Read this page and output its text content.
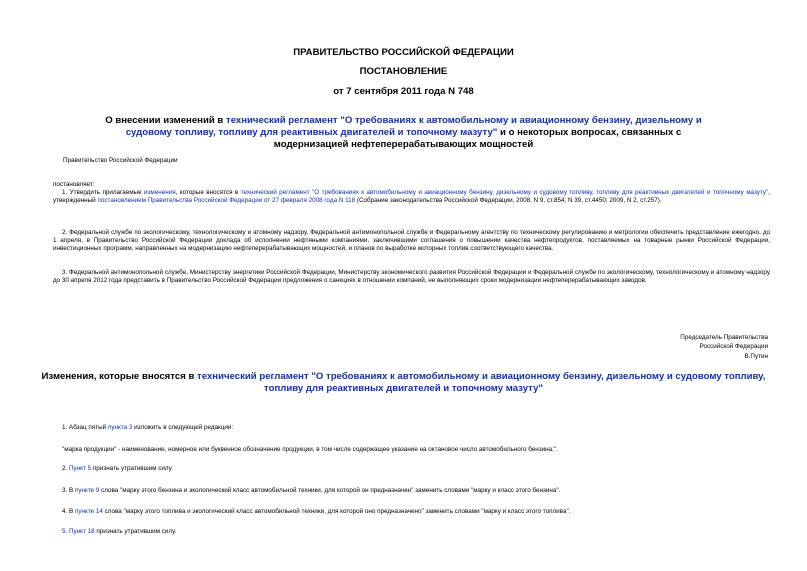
ПРАВИТЕЛЬСТВО РОССИЙСКОЙ ФЕДЕРАЦИИ
ПОСТАНОВЛЕНИЕ
от 7 сентября 2011 года N 748
О внесении изменений в технический регламент "О требованиях к автомобильному и авиационному бензину, дизельному и судовому топливу, топливу для реактивных двигателей и топочному мазуту" и о некоторых вопросах, связанных с модернизацией нефтеперерабатывающих мощностей
Правительство Российской Федерации
постановляет:
1. Утвердить прилагаемые изменения, которые вносятся в технический регламент "О требованиях к автомобильному и авиационному бензину, дизельному и судовому топливу, топливу для реактивных двигателей и топочному мазуту", утвержденный постановлением Правительства Российской Федерации от 27 февраля 2008 года N 118 (Собрание законодательства Российской Федерации, 2008, N 9, ст.854; N 39, ст.4450; 2009, N 2, ст.257).
2. Федеральной службе по экологическому, технологическому и атомному надзору, Федеральной антимонопольной службе и Федеральному агентству по техническому регулированию и метрологии обеспечить представление ежегодно, до 1 апреля, в Правительство Российской Федерации доклада об исполнении нефтяными компаниями, заключившими соглашения о повышении качества нефтепродуктов, поставляемых на товарные рынки Российской Федерации, инвестиционных программ, направленных на модернизацию нефтеперерабатывающих мощностей, и планов по выработке моторных топлив соответствующего качества.
3. Федеральной антимонопольной службе, Министерству энергетики Российской Федерации, Министерству экономического развития Российской Федерации и Федеральной службе по экологическому, технологическому и атомному надзору до 30 апреля 2012 года представить в Правительство Российской Федерации предложения о санкциях в отношении компаний, не выполняющих сроки модернизации нефтеперерабатывающих заводов.
Председатель Правительства
Российской Федерации
В.Путин
Изменения, которые вносятся в технический регламент "О требованиях к автомобильному и авиационному бензину, дизельному и судовому топливу, топливу для реактивных двигателей и топочному мазуту"
1. Абзац пятый пункта 3 изложить в следующей редакции:
"марка продукции" - наименование, номерное или буквенное обозначение продукции, в том числе содержащее указание на октановое число автомобильного бензина;".
2. Пункт 5 признать утратившим силу.
3. В пункте 9 слова "марку этого бензина и экологический класс автомобильной техники, для которой он предназначен" заменить словами "марку и класс этого бензина".
4. В пункте 14 слова "марку этого топлива и экологический класс автомобильной техники, для которой оно предназначено" заменить словами "марку и класс этого топлива".
5. Пункт 18 признать утратившим силу.
